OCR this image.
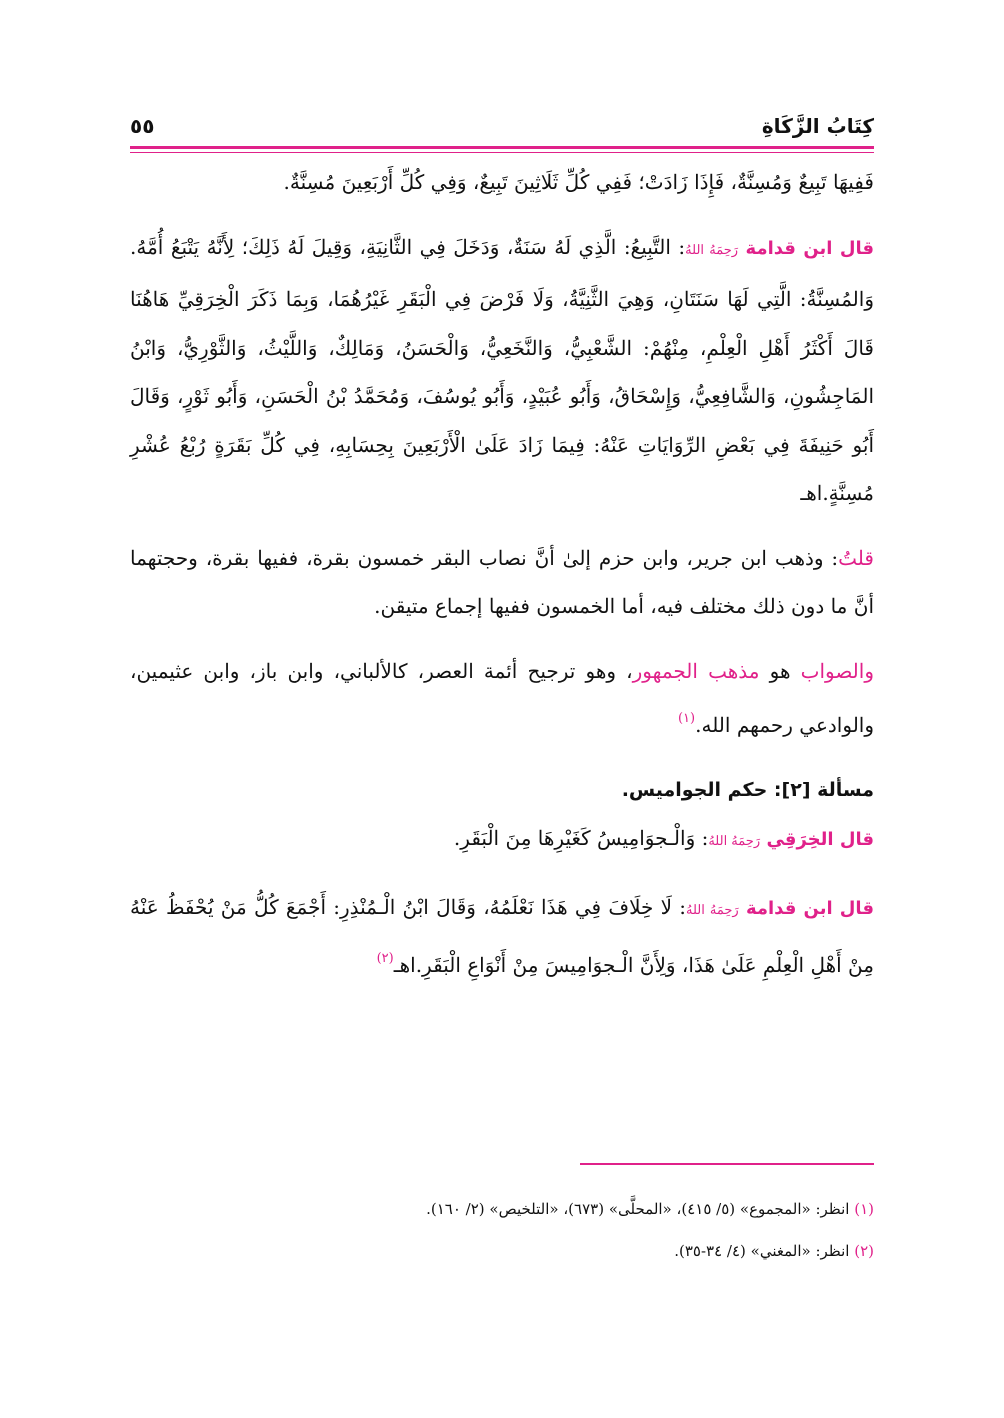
كِتَابُ الزَّكَاةِ
٥٥

فَفِيهَا تَبِيعٌ وَمُسِنَّةٌ، فَإِذَا زَادَتْ؛ فَفِي كُلِّ ثَلَاثِينَ تَبِيعٌ، وَفِي كُلِّ أَرْبَعِينَ مُسِنَّةٌ.

قال ابن قدامة رَحِمَهُ اللهُ: التَّبِيعُ: الَّذِي لَهُ سَنَةٌ، وَدَخَلَ فِي الثَّانِيَةِ، وَقِيلَ لَهُ ذَلِكَ؛ لِأَنَّهُ يَتْبَعُ أُمَّهُ. وَالمُسِنَّةُ: الَّتِي لَهَا سَنَتَانِ، وَهِيَ الثَّنِيَّةُ، وَلَا فَرْضَ فِي الْبَقَرِ غَيْرُهُمَا، وَبِمَا ذَكَرَ الْخِرَقِيِّ هَاهُنَا قَالَ أَكْثَرُ أَهْلِ الْعِلْمِ، مِنْهُمْ: الشَّعْبِيُّ، وَالنَّخَعِيُّ، وَالْحَسَنُ، وَمَالِكٌ، وَاللَّيْثُ، وَالثَّوْرِيُّ، وَابْنُ المَاجِشُونِ، وَالشَّافِعِيُّ، وَإِسْحَاقُ، وَأَبُو عُبَيْدٍ، وَأَبُو يُوسُفَ، وَمُحَمَّدُ بْنُ الْحَسَنِ، وَأَبُو ثَوْرٍ، وَقَالَ أَبُو حَنِيفَةَ فِي بَعْضِ الرِّوَايَاتِ عَنْهُ: فِيمَا زَادَ عَلَىٰ الْأَرْبَعِينَ بِحِسَابِهِ، فِي كُلِّ بَقَرَةٍ رُبْعُ عُشْرِ مُسِنَّةٍ.اهـ

قلتُ: وذهب ابن جرير، وابن حزم إلىٰ أنَّ نصاب البقر خمسون بقرة، ففيها بقرة، وحجتهما أنَّ ما دون ذلك مختلف فيه، أما الخمسون ففيها إجماع متيقن.

والصواب هو مذهب الجمهور، وهو ترجيح أئمة العصر، كالألباني، وابن باز، وابن عثيمين، والوادعي رحمهم الله.$^{(١)}$

مسألة [٢]: حكم الجواميس.

قال الخِرَقِي رَحِمَهُ اللهُ: وَالْـجوَامِيسُ كَغَيْرِهَا مِنَ الْبَقَرِ.

قال ابن قدامة رَحِمَهُ اللهُ: لَا خِلَافَ فِي هَذَا نَعْلَمُهُ، وَقَالَ ابْنُ الْـمُنْذِرِ: أَجْمَعَ كُلُّ مَنْ يُحْفَظُ عَنْهُ مِنْ أَهْلِ الْعِلْمِ عَلَىٰ هَذَا، وَلِأَنَّ الْـجوَامِيسَ مِنْ أَنْوَاعِ الْبَقَرِ.اهـ$^{(٢)}$

(١) انظر: «المجموع» (٥/ ٤١٥)، «المحلَّى» (٦٧٣)، «التلخيص» (٢/ ١٦٠).

(٢) انظر: «المغني» (٤/ ٣٤-٣٥).
